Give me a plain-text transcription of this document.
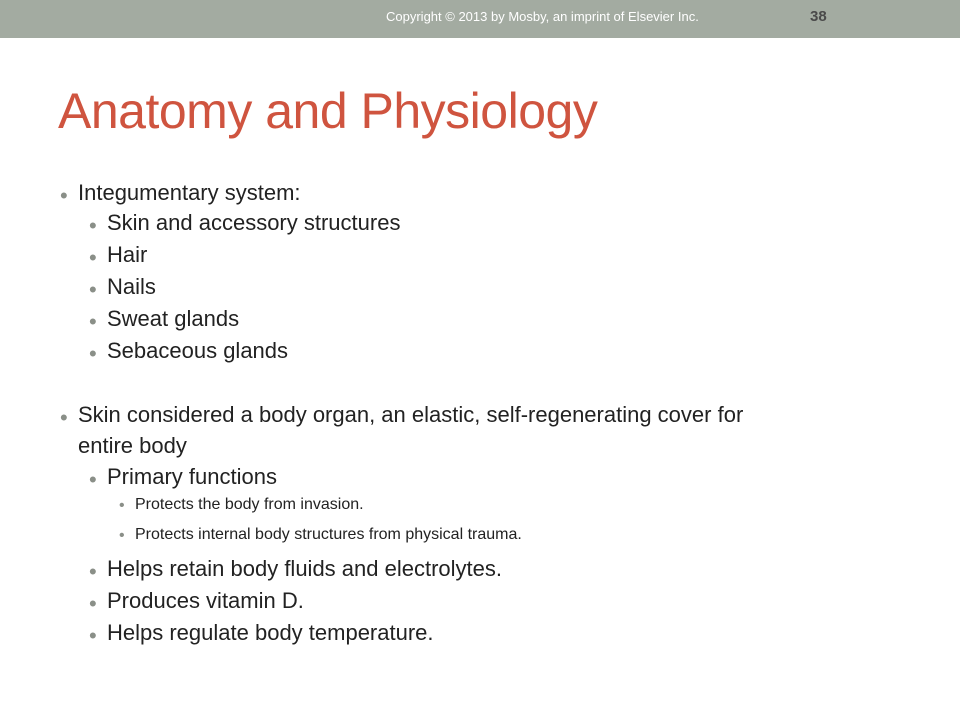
Copyright © 2013 by Mosby, an imprint of Elsevier Inc.	38
Anatomy and Physiology
• Integumentary system:
• Skin and accessory structures
• Hair
• Nails
• Sweat glands
• Sebaceous glands
• Skin considered a body organ, an elastic, self-regenerating cover for
entire body
• Primary functions
• Protects the body from invasion.
• Protects internal body structures from physical trauma.
• Helps retain body fluids and electrolytes.
• Produces vitamin D.
• Helps regulate body temperature.
